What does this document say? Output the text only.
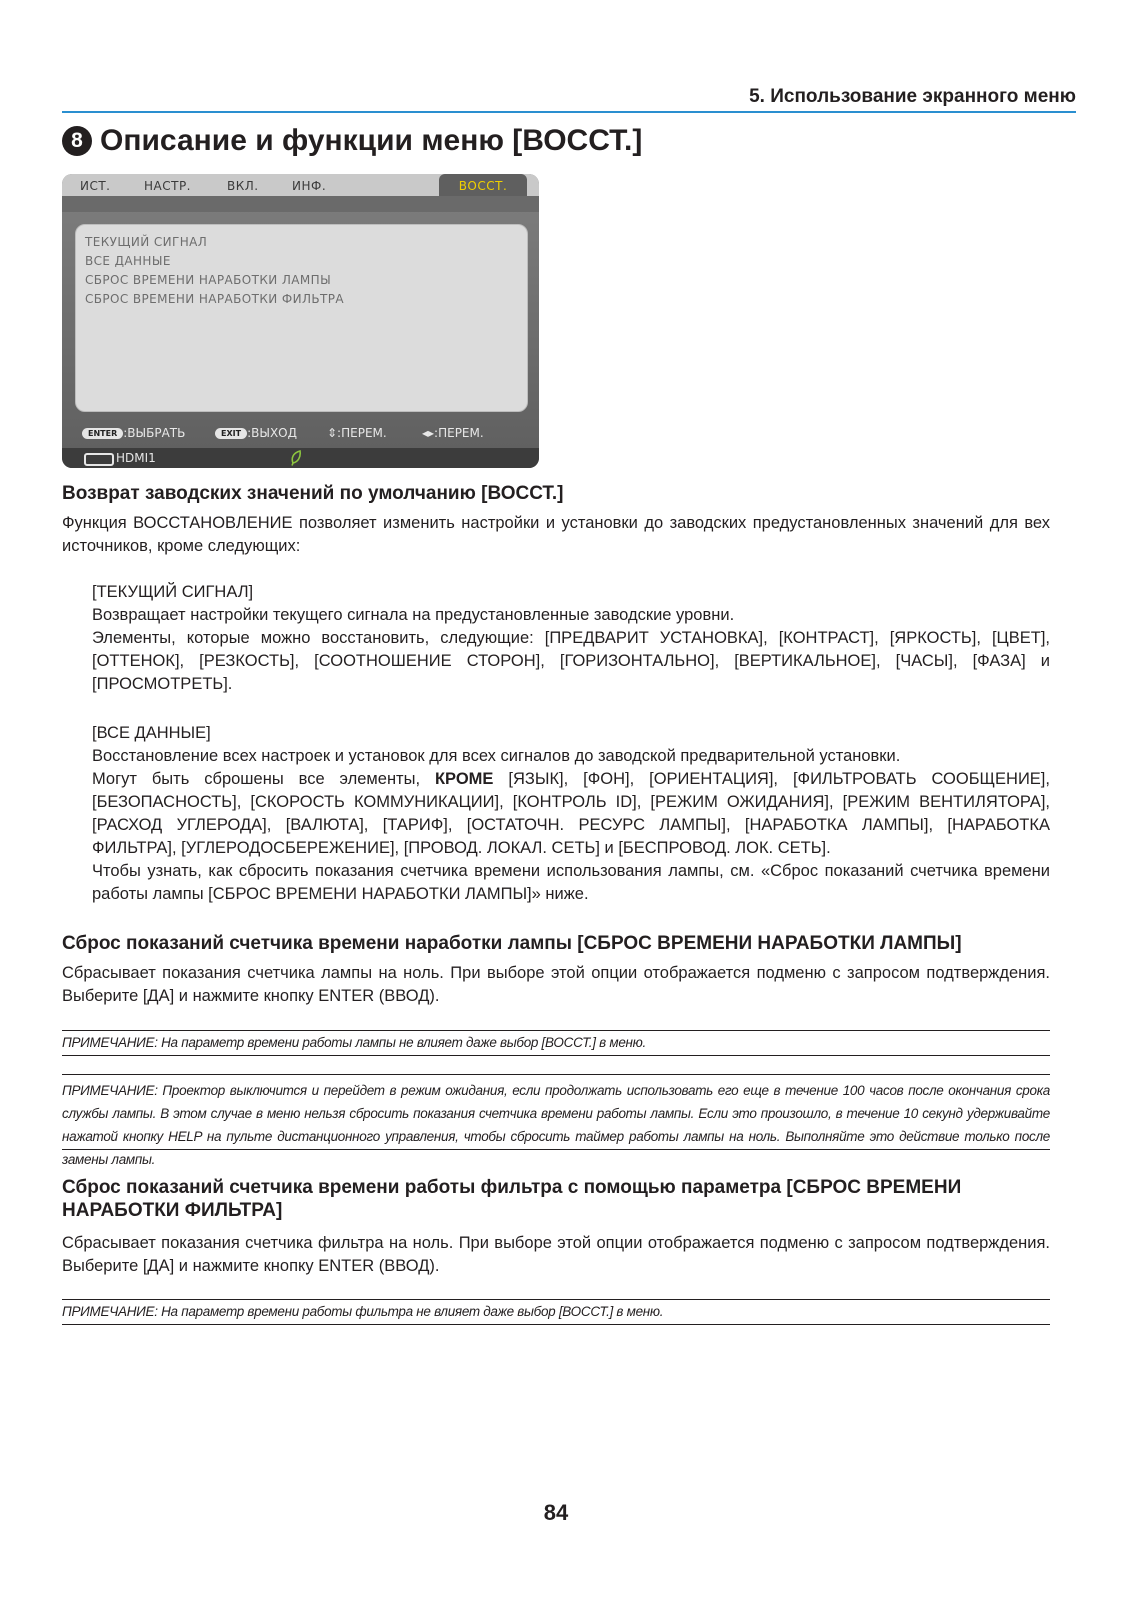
5. Использование экранного меню
8 Описание и функции меню [ВОССТ.]
ИСТ.	НАСТР.	ВКЛ.	ИНФ.	ВОССТ.
ТЕКУЩИЙ СИГНАЛ
ВСЕ ДАННЫЕ
СБРОС ВРЕМЕНИ НАРАБОТКИ ЛАМПЫ
СБРОС ВРЕМЕНИ НАРАБОТКИ ФИЛЬТРА
ENTER :ВЫБРАТЬ	EXIT :ВЫХОД	⇕:ПЕРЕМ.	◂▸:ПЕРЕМ.
HDMI1
Возврат заводских значений по умолчанию [ВОССТ.]
Функция ВОССТАНОВЛЕНИЕ позволяет изменить настройки и установки до заводских предустановленных значений для вех источников, кроме следующих:
[ТЕКУЩИЙ СИГНАЛ]
Возвращает настройки текущего сигнала на предустановленные заводские уровни.
Элементы, которые можно восстановить, следующие: [ПРЕДВАРИТ УСТАНОВКА], [КОНТРАСТ], [ЯРКОСТЬ], [ЦВЕТ], [ОТТЕНОК], [РЕЗКОСТЬ], [СООТНОШЕНИЕ СТОРОН], [ГОРИЗОНТАЛЬНО], [ВЕРТИКАЛЬНОЕ], [ЧАСЫ], [ФАЗА] и [ПРОСМОТРЕТЬ].
[ВСЕ ДАННЫЕ]
Восстановление всех настроек и установок для всех сигналов до заводской предварительной установки.
Могут быть сброшены все элементы, КРОМЕ [ЯЗЫК], [ФОН], [ОРИЕНТАЦИЯ], [ФИЛЬТРОВАТЬ СООБЩЕНИЕ], [БЕЗОПАСНОСТЬ], [СКОРОСТЬ КОММУНИКАЦИИ], [КОНТРОЛЬ ID], [РЕЖИМ ОЖИДАНИЯ], [РЕЖИМ ВЕНТИЛЯТОРА], [РАСХОД УГЛЕРОДА], [ВАЛЮТА], [ТАРИФ], [ОСТАТОЧН. РЕСУРС ЛАМПЫ], [НАРАБОТКА ЛАМПЫ], [НАРАБОТКА ФИЛЬТРА], [УГЛЕРОДОСБЕРЕЖЕНИЕ], [ПРОВОД. ЛОКАЛ. СЕТЬ] и [БЕСПРОВОД. ЛОК. СЕТЬ].
Чтобы узнать, как сбросить показания счетчика времени использования лампы, см. «Сброс показаний счетчика времени работы лампы [СБРОС ВРЕМЕНИ НАРАБОТКИ ЛАМПЫ]» ниже.
Сброс показаний счетчика времени наработки лампы [СБРОС ВРЕМЕНИ НАРАБОТКИ ЛАМПЫ]
Сбрасывает показания счетчика лампы на ноль. При выборе этой опции отображается подменю с запросом подтверждения. Выберите [ДА] и нажмите кнопку ENTER (ВВОД).
ПРИМЕЧАНИЕ: На параметр времени работы лампы не влияет даже выбор [ВОССТ.] в меню.
ПРИМЕЧАНИЕ: Проектор выключится и перейдет в режим ожидания, если продолжать использовать его еще в течение 100 часов после окончания срока службы лампы. В этом случае в меню нельзя сбросить показания счетчика времени работы лампы. Если это произошло, в течение 10 секунд удерживайте нажатой кнопку HELP на пульте дистанционного управления, чтобы сбросить таймер работы лампы на ноль. Выполняйте это действие только после замены лампы.
Сброс показаний счетчика времени работы фильтра с помощью параметра [СБРОС ВРЕМЕНИ НАРАБОТКИ ФИЛЬТРА]
Сбрасывает показания счетчика фильтра на ноль. При выборе этой опции отображается подменю с запросом подтверждения. Выберите [ДА] и нажмите кнопку ENTER (ВВОД).
ПРИМЕЧАНИЕ: На параметр времени работы фильтра не влияет даже выбор [ВОССТ.] в меню.
84
